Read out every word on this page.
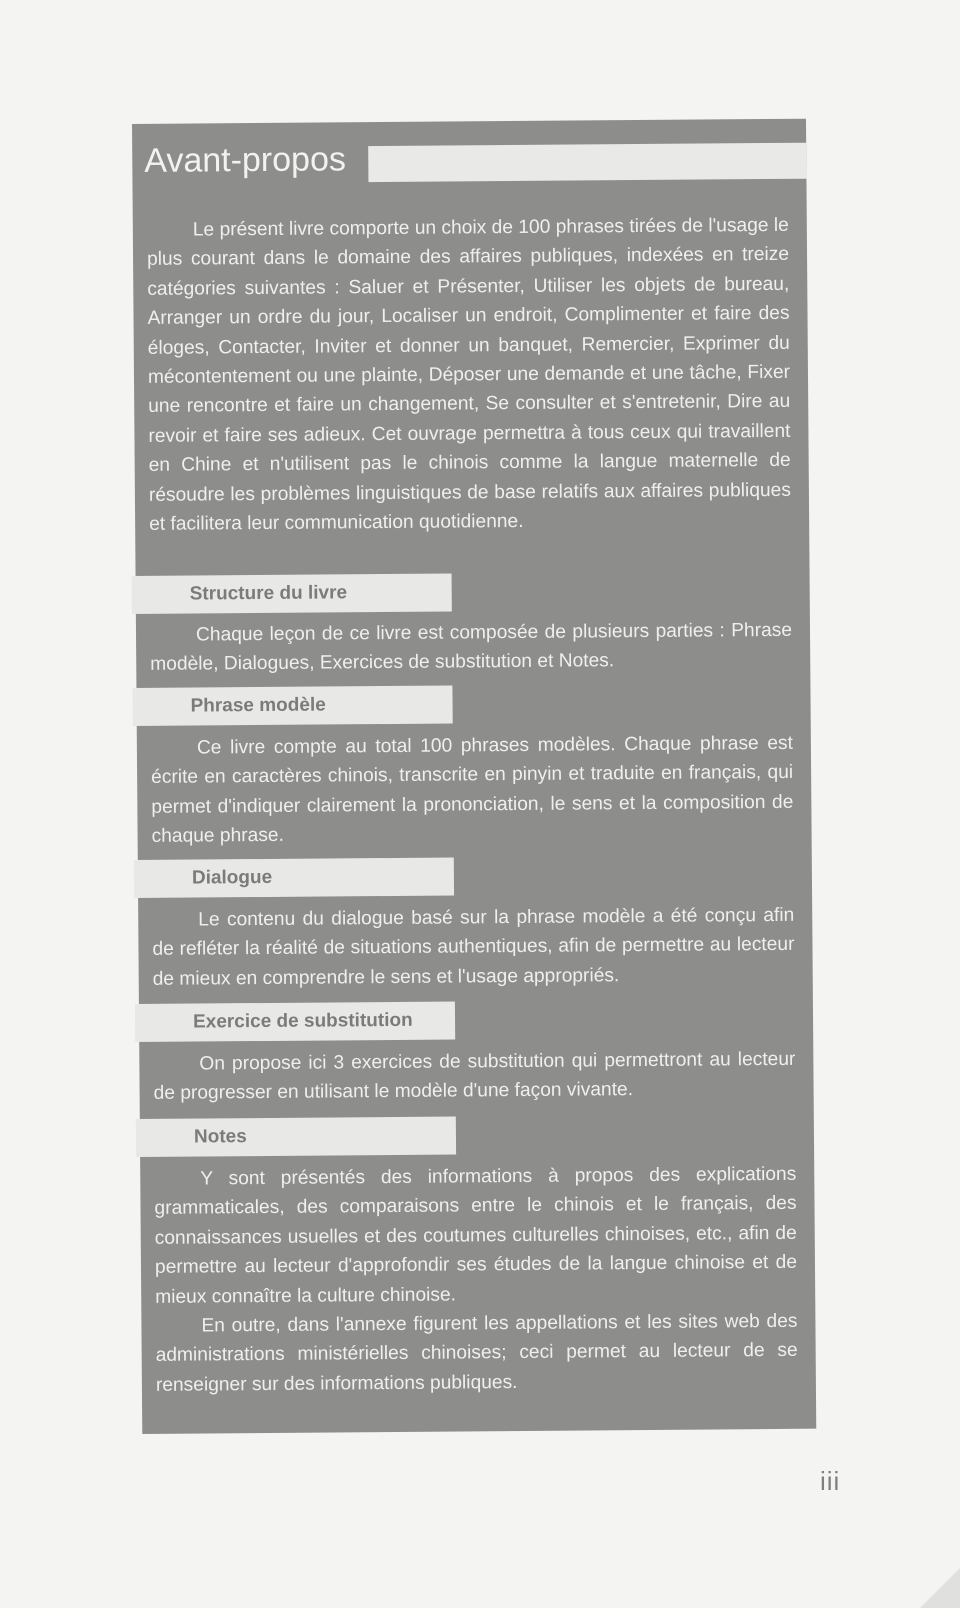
Avant-propos

Le présent livre comporte un choix de 100 phrases tirées de l'usage le plus courant dans le domaine des affaires publiques, indexées en treize catégories suivantes : Saluer et Présenter, Utiliser les objets de bureau, Arranger un ordre du jour, Localiser un endroit, Complimenter et faire des éloges, Contacter, Inviter et donner un banquet, Remercier, Exprimer du mécontentement ou une plainte, Déposer une demande et une tâche, Fixer une rencontre et faire un changement, Se consulter et s'entretenir, Dire au revoir et faire ses adieux. Cet ouvrage permettra à tous ceux qui travaillent en Chine et n'utilisent pas le chinois comme la langue maternelle de résoudre les problèmes linguistiques de base relatifs aux affaires publiques et facilitera leur communication quotidienne.

Structure du livre

Chaque leçon de ce livre est composée de plusieurs parties : Phrase modèle, Dialogues, Exercices de substitution et Notes.

Phrase modèle

Ce livre compte au total 100 phrases modèles. Chaque phrase est écrite en caractères chinois, transcrite en pinyin et traduite en français, qui permet d'indiquer clairement la prononciation, le sens et la composition de chaque phrase.

Dialogue

Le contenu du dialogue basé sur la phrase modèle a été conçu afin de refléter la réalité de situations authentiques, afin de permettre au lecteur de mieux en comprendre le sens et l'usage appropriés.

Exercice de substitution

On propose ici 3 exercices de substitution qui permettront au lecteur de progresser en utilisant le modèle d'une façon vivante.

Notes

Y sont présentés des informations à propos des explications grammaticales, des comparaisons entre le chinois et le français, des connaissances usuelles et des coutumes culturelles chinoises, etc., afin de permettre au lecteur d'approfondir ses études de la langue chinoise et de mieux connaître la culture chinoise.

En outre, dans l'annexe figurent les appellations et les sites web des administrations ministérielles chinoises; ceci permet au lecteur de se renseigner sur des informations publiques.

iii
